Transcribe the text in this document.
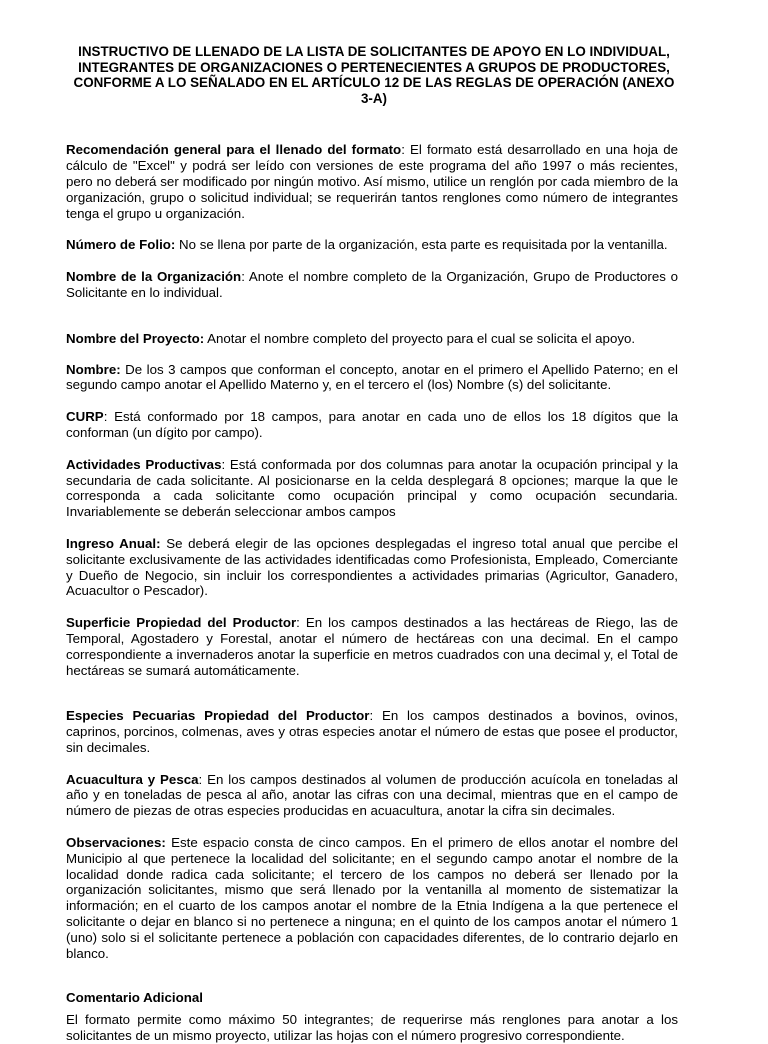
INSTRUCTIVO DE LLENADO DE LA LISTA DE SOLICITANTES DE APOYO EN LO INDIVIDUAL, INTEGRANTES DE ORGANIZACIONES O PERTENECIENTES A GRUPOS DE PRODUCTORES, CONFORME A LO SEÑALADO EN EL ARTÍCULO 12 DE LAS REGLAS DE OPERACIÓN (ANEXO 3-A)

Recomendación general para el llenado del formato: El formato está desarrollado en una hoja de cálculo de "Excel" y podrá ser leído con versiones de este programa del año 1997 o más recientes, pero no deberá ser modificado por ningún motivo. Así mismo, utilice un renglón por cada miembro de la organización, grupo o solicitud individual; se requerirán tantos renglones como número de integrantes tenga el grupo u organización.

Número de Folio: No se llena por parte de la organización, esta parte es requisitada por la ventanilla.

Nombre de la Organización: Anote el nombre completo de la Organización, Grupo de Productores o Solicitante en lo individual.

Nombre del Proyecto: Anotar el nombre completo del proyecto para el cual se solicita el apoyo.

Nombre: De los 3 campos que conforman el concepto, anotar en el primero el Apellido Paterno; en el segundo campo anotar el Apellido Materno y, en el tercero el (los) Nombre (s) del solicitante.

CURP: Está conformado por 18 campos, para anotar en cada uno de ellos los 18 dígitos que la conforman (un dígito por campo).

Actividades Productivas: Está conformada por dos columnas para anotar la ocupación principal y la secundaria de cada solicitante. Al posicionarse en la celda desplegará 8 opciones; marque la que le corresponda a cada solicitante como ocupación principal y como ocupación secundaria. Invariablemente se deberán seleccionar ambos campos

Ingreso Anual: Se deberá elegir de las opciones desplegadas el ingreso total anual que percibe el solicitante exclusivamente de las actividades identificadas como Profesionista, Empleado, Comerciante y Dueño de Negocio, sin incluir los correspondientes a actividades primarias (Agricultor, Ganadero, Acuacultor o Pescador).

Superficie Propiedad del Productor: En los campos destinados a las hectáreas de Riego, las de Temporal, Agostadero y Forestal, anotar el número de hectáreas con una decimal. En el campo correspondiente a invernaderos anotar la superficie en metros cuadrados con una decimal y, el Total de hectáreas se sumará automáticamente.

Especies Pecuarias Propiedad del Productor: En los campos destinados a bovinos, ovinos, caprinos, porcinos, colmenas, aves y otras especies anotar el número de estas que posee el productor, sin decimales.

Acuacultura y Pesca: En los campos destinados al volumen de producción acuícola en toneladas al año y en toneladas de pesca al año, anotar las cifras con una decimal, mientras que en el campo de número de piezas de otras especies producidas en acuacultura, anotar la cifra sin decimales.

Observaciones: Este espacio consta de cinco campos. En el primero de ellos anotar el nombre del Municipio al que pertenece la localidad del solicitante; en el segundo campo anotar el nombre de la localidad donde radica cada solicitante; el tercero de los campos no deberá ser llenado por la organización solicitantes, mismo que será llenado por la ventanilla al momento de sistematizar la información; en el cuarto de los campos anotar el nombre de la Etnia Indígena a la que pertenece el solicitante o dejar en blanco si no pertenece a ninguna; en el quinto de los campos anotar el número 1 (uno) solo si el solicitante pertenece a población con capacidades diferentes, de lo contrario dejarlo en blanco.

Comentario Adicional

El formato permite como máximo 50 integrantes; de requerirse más renglones para anotar a los solicitantes de un mismo proyecto, utilizar las hojas con el número progresivo correspondiente.
